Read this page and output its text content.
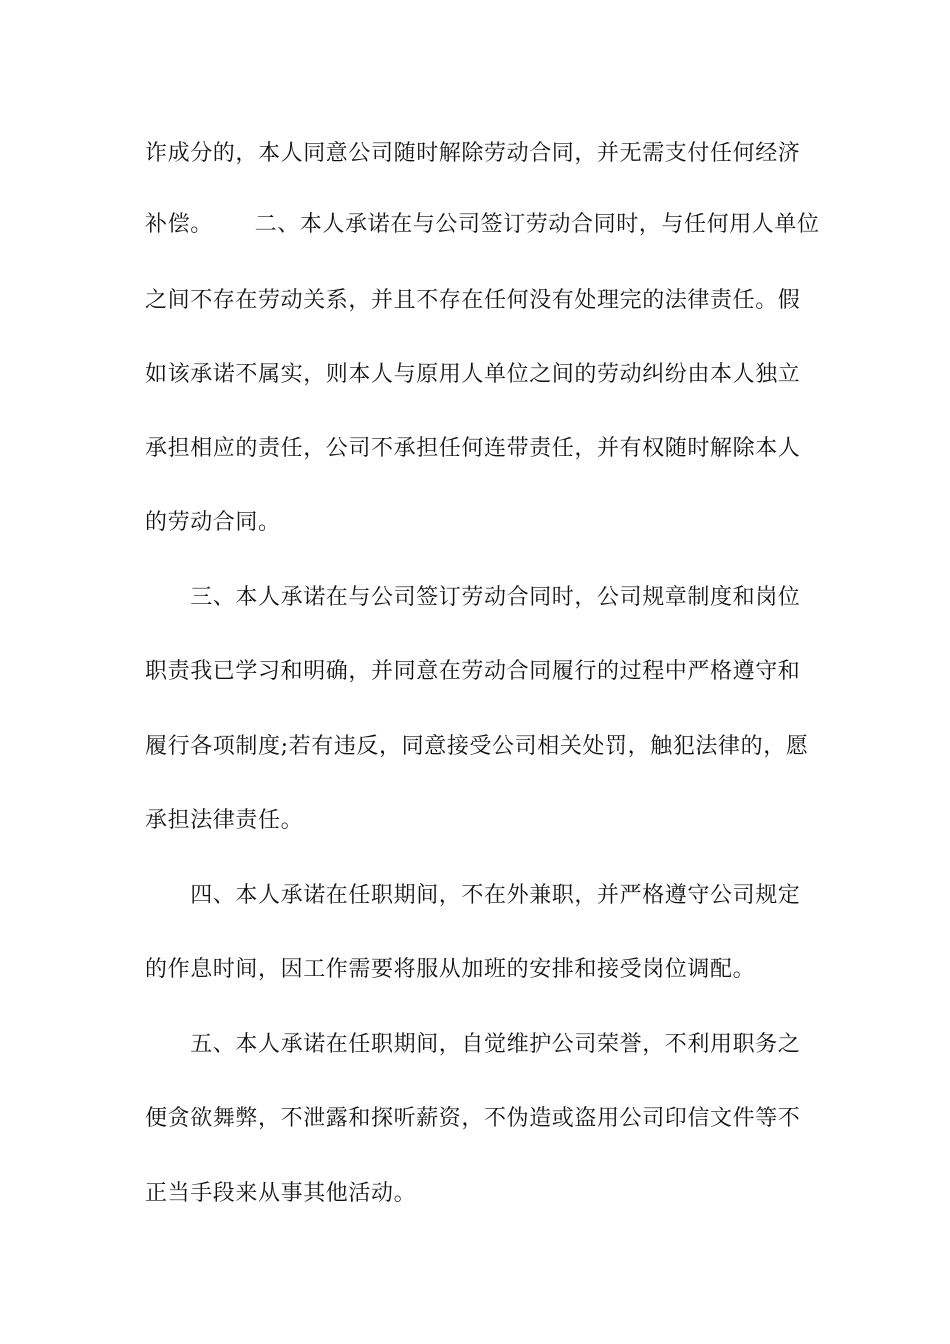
诈成分的，本人同意公司随时解除劳动合同，并无需支付任何经济
补偿。　　 二、本人承诺在与公司签订劳动合同时，与任何用人单位
之间不存在劳动关系，并且不存在任何没有处理完的法律责任。假
如该承诺不属实，则本人与原用人单位之间的劳动纠纷由本人独立
承担相应的责任，公司不承担任何连带责任，并有权随时解除本人
的劳动合同。
　　三、本人承诺在与公司签订劳动合同时，公司规章制度和岗位
职责我已学习和明确，并同意在劳动合同履行的过程中严格遵守和
履行各项制度;若有违反，同意接受公司相关处罚，触犯法律的，愿
承担法律责任。
　　四、本人承诺在任职期间，不在外兼职，并严格遵守公司规定
的作息时间，因工作需要将服从加班的安排和接受岗位调配。
　　五、本人承诺在任职期间，自觉维护公司荣誉，不利用职务之
便贪欲舞弊，不泄露和探听薪资，不伪造或盗用公司印信文件等不
正当手段来从事其他活动。
